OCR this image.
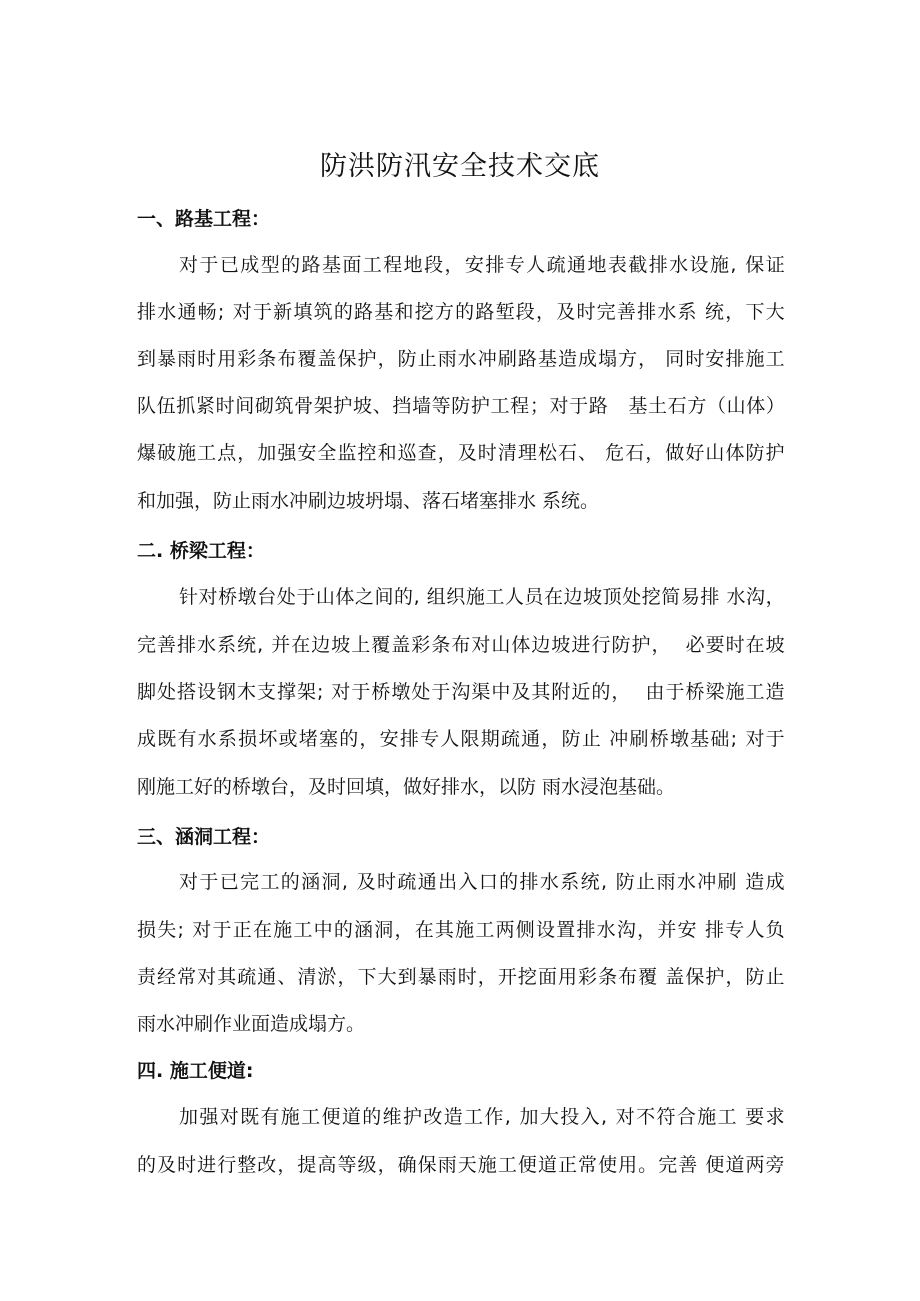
防洪防汛安全技术交底
一、路基工程：
对 于 已 成 型 的 路 基 面 工 程 地 段 ， 安 排 专 人 疏 通 地 表 截 排 水 设 施 ,
保 证
排 水 通 畅 ;
对 于 新 填 筑 的 路 基 和 挖 方 的 路 堑 段 ， 及 时 完 善 排 水 系
统 ， 下 大
到 暴 雨 时 用 彩 条 布 覆 盖 保 护 ， 防 止 雨 水 冲 刷 路 基 造 成 塌 方 ，
同 时 安 排 施 工
队 伍 抓 紧 时 间 砌 筑 骨 架 护 坡 、 挡 墙 等 防 护 工 程 ； 对 于 路

基 土 石 方 （ 山 体 ）
爆 破 施 工 点 ， 加 强 安 全 监 控 和 巡 查 ， 及 时 清 理 松 石 、
危 石 ， 做 好 山 体 防 护
和加强，防止雨水冲刷边坡坍塌、落石堵塞排水 系统。
二. 桥梁工程：
针 对 桥 墩 台 处 于 山 体 之 间 的 ,
组 织 施 工 人 员 在 边 坡 顶 处 挖 简 易 排
水 沟 ，
完 善 排 水 系 统 ,
并 在 边 坡 上 覆 盖 彩 条 布 对 山 体 边 坡 进 行 防 护 ，

必 要 时 在 坡
脚 处 搭 设 钢 木 支 撑 架 ;
对 于 桥 墩 处 于 沟 渠 中 及 其 附 近 的 ，

由 于 桥 梁 施 工 造
成 既 有 水 系 损 坏 或 堵 塞 的 ， 安 排 专 人 限 期 疏 通 ， 防 止
冲 刷 桥 墩 基 础 ;
对 于
刚施工好的桥墩台，及时回填，做好排水，以防 雨水浸泡基础。
三、涵洞工程：
对 于 已 完 工 的 涵 洞 ,
及 时 疏 通 出 入 口 的 排 水 系 统 ,
防 止 雨 水 冲 刷
造 成
损 失 ;
对 于 正 在 施 工 中 的 涵 洞 ， 在 其 施 工 两 侧 设 置 排 水 沟 ， 并 安
排 专 人 负
责 经 常 对 其 疏 通 、 清 淤 ， 下 大 到 暴 雨 时 ， 开 挖 面 用 彩 条 布 覆
盖 保 护 ， 防 止
雨水冲刷作业面造成塌方。
四. 施工便道:
加 强 对 既 有 施 工 便 道 的 维 护 改 造 工 作 ,
加 大 投 入 ,
对 不 符 合 施 工
要 求
的 及 时 进 行 整 改 ， 提 高 等 级 ， 确 保 雨 天 施 工 便 道 正 常 使 用 。 完 善
便 道 两 旁
